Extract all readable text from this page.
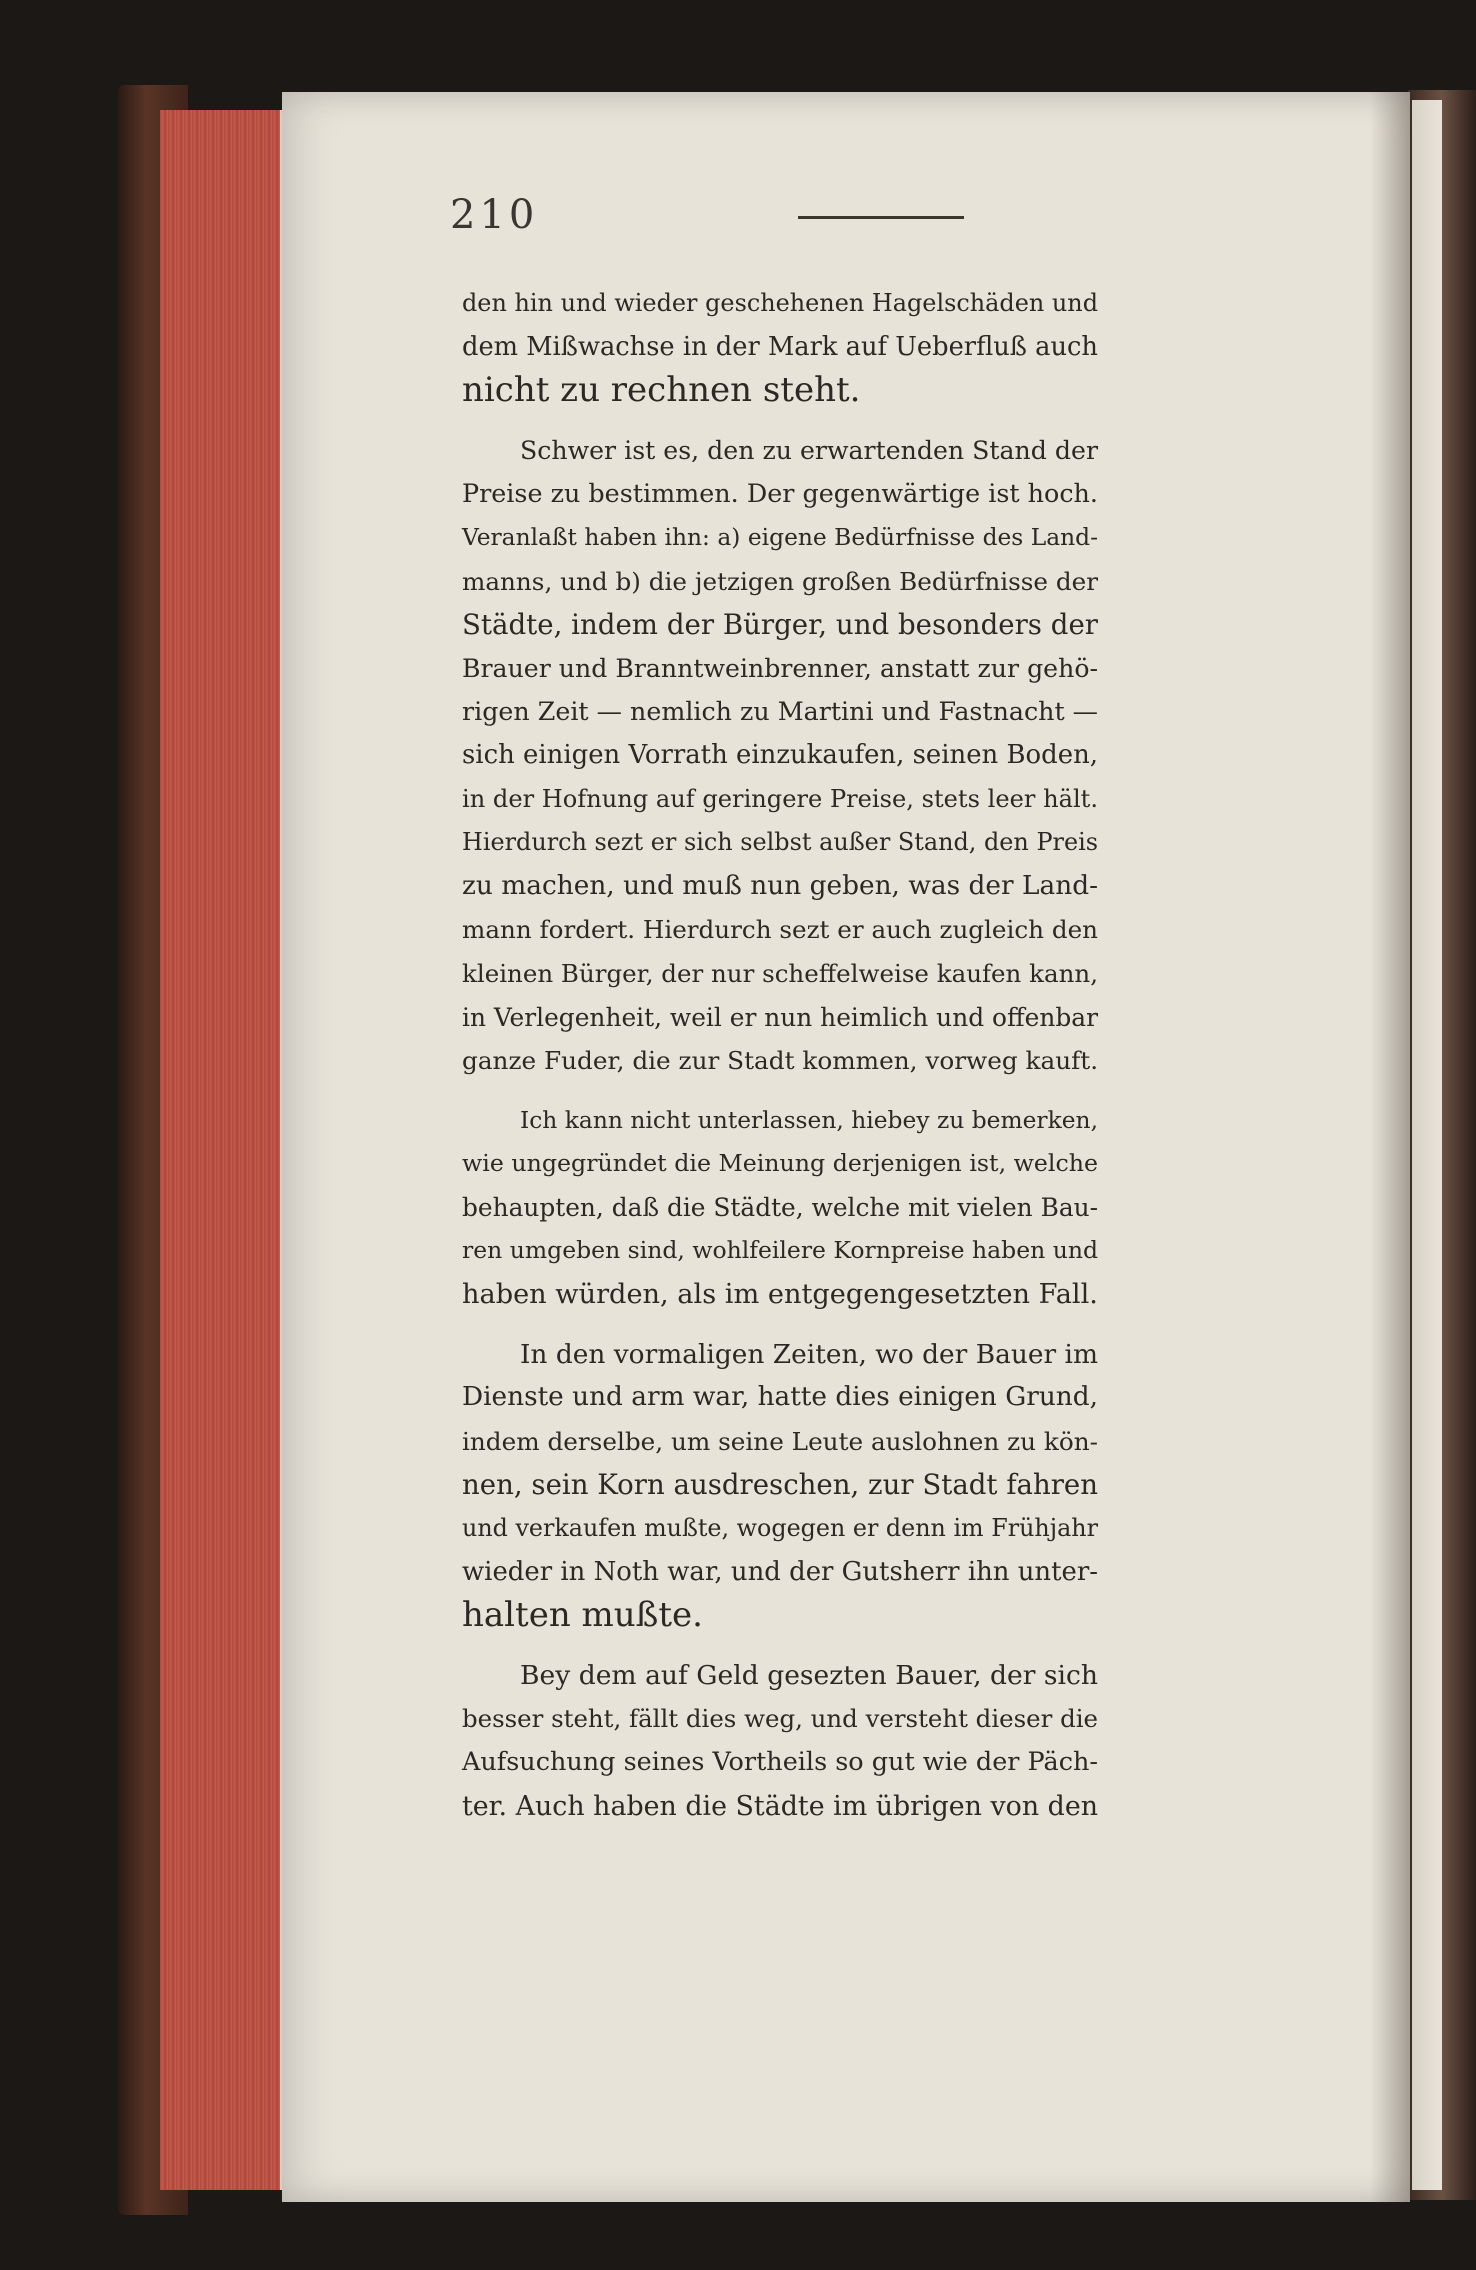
210
den hin und wieder geschehenen Hagelschäden und
dem Mißwachse in der Mark auf Ueberfluß auch
nicht zu rechnen steht.
Schwer ist es, den zu erwartenden Stand der
Preise zu bestimmen. Der gegenwärtige ist hoch.
Veranlaßt haben ihn: a) eigene Bedürfnisse des Land-
manns, und b) die jetzigen großen Bedürfnisse der
Städte, indem der Bürger, und besonders der
Brauer und Branntweinbrenner, anstatt zur gehö-
rigen Zeit — nemlich zu Martini und Fastnacht —
sich einigen Vorrath einzukaufen, seinen Boden,
in der Hofnung auf geringere Preise, stets leer hält.
Hierdurch sezt er sich selbst außer Stand, den Preis
zu machen, und muß nun geben, was der Land-
mann fordert. Hierdurch sezt er auch zugleich den
kleinen Bürger, der nur scheffelweise kaufen kann,
in Verlegenheit, weil er nun heimlich und offenbar
ganze Fuder, die zur Stadt kommen, vorweg kauft.
Ich kann nicht unterlassen, hiebey zu bemerken,
wie ungegründet die Meinung derjenigen ist, welche
behaupten, daß die Städte, welche mit vielen Bau-
ren umgeben sind, wohlfeilere Kornpreise haben und
haben würden, als im entgegengesetzten Fall.
In den vormaligen Zeiten, wo der Bauer im
Dienste und arm war, hatte dies einigen Grund,
indem derselbe, um seine Leute auslohnen zu kön-
nen, sein Korn ausdreschen, zur Stadt fahren
und verkaufen mußte, wogegen er denn im Frühjahr
wieder in Noth war, und der Gutsherr ihn unter-
halten mußte.
Bey dem auf Geld gesezten Bauer, der sich
besser steht, fällt dies weg, und versteht dieser die
Aufsuchung seines Vortheils so gut wie der Päch-
ter. Auch haben die Städte im übrigen von den
